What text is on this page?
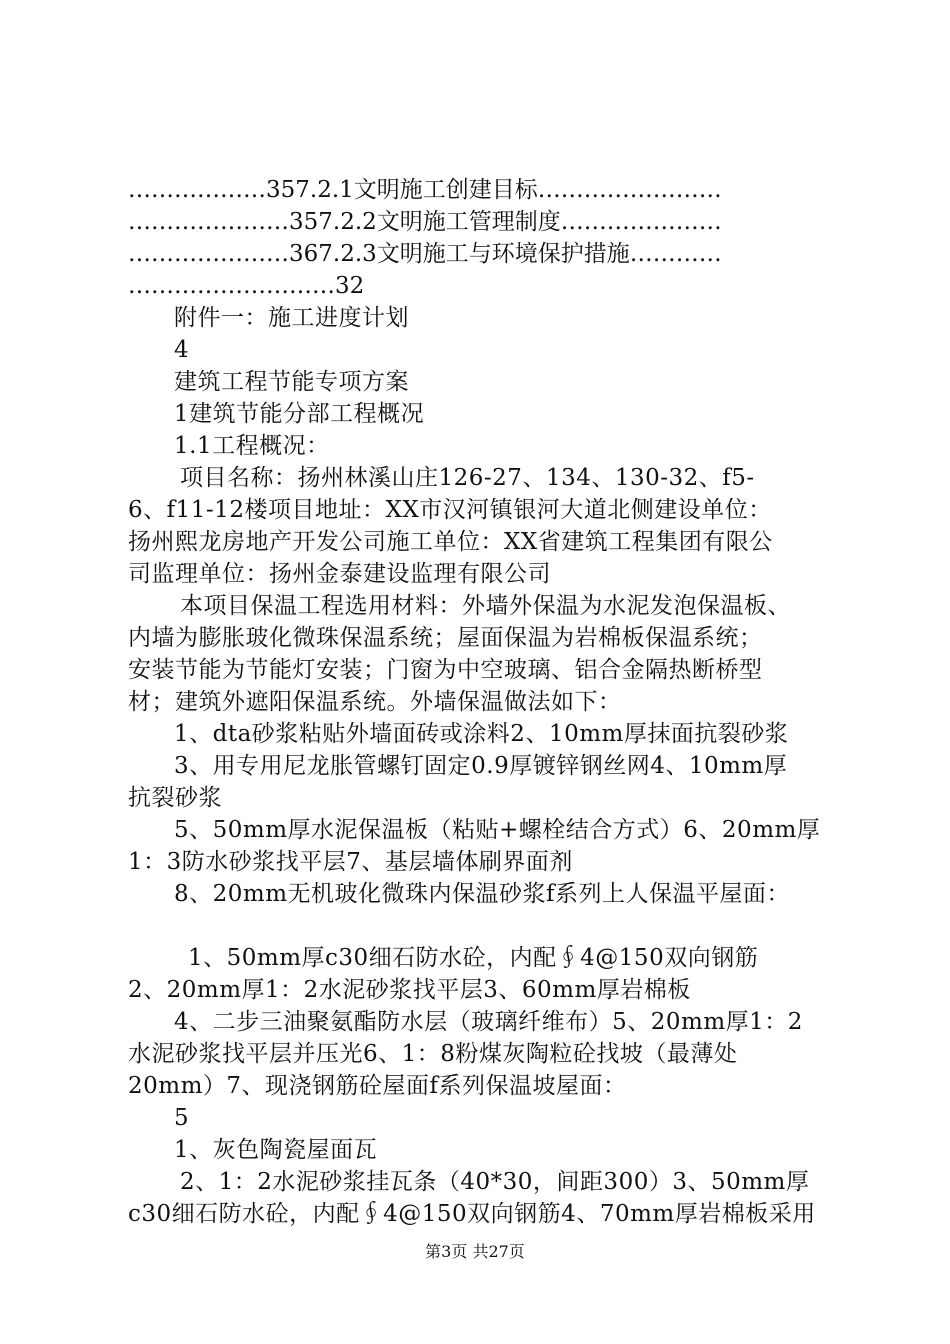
………………357.2.1文明施工创建目标……………………
…………………357.2.2文明施工管理制度…………………
…………………367.2.3文明施工与环境保护措施…………
………………………32
附件一：施工进度计划
4
建筑工程节能专项方案
1建筑节能分部工程概况
1.1工程概况：
项目名称：扬州林溪山庄126-27、134、130-32、f5-
6、f11-12楼项目地址：XX市汉河镇银河大道北侧建设单位：
扬州熙龙房地产开发公司施工单位：XX省建筑工程集团有限公
司监理单位：扬州金泰建设监理有限公司
本项目保温工程选用材料：外墙外保温为水泥发泡保温板、
内墙为膨胀玻化微珠保温系统；屋面保温为岩棉板保温系统；
安装节能为节能灯安装；门窗为中空玻璃、铝合金隔热断桥型
材；建筑外遮阳保温系统。外墙保温做法如下：
1、dta砂浆粘贴外墙面砖或涂料2、10mm厚抹面抗裂砂浆
3、用专用尼龙胀管螺钉固定0.9厚镀锌钢丝网4、10mm厚
抗裂砂浆
5、50mm厚水泥保温板（粘贴+螺栓结合方式）6、20mm厚
1：3防水砂浆找平层7、基层墙体刷界面剂
8、20mm无机玻化微珠内保温砂浆f系列上人保温平屋面：
1、50mm厚c30细石防水砼，内配∮4@150双向钢筋
2、20mm厚1：2水泥砂浆找平层3、60mm厚岩棉板
4、二步三油聚氨酯防水层（玻璃纤维布）5、20mm厚1：2
水泥砂浆找平层并压光6、1：8粉煤灰陶粒砼找坡（最薄处
20mm）7、现浇钢筋砼屋面f系列保温坡屋面：
5
1、灰色陶瓷屋面瓦
2、1：2水泥砂浆挂瓦条（40*30，间距300）3、50mm厚
c30细石防水砼，内配∮4@150双向钢筋4、70mm厚岩棉板采用
第3页 共27页
